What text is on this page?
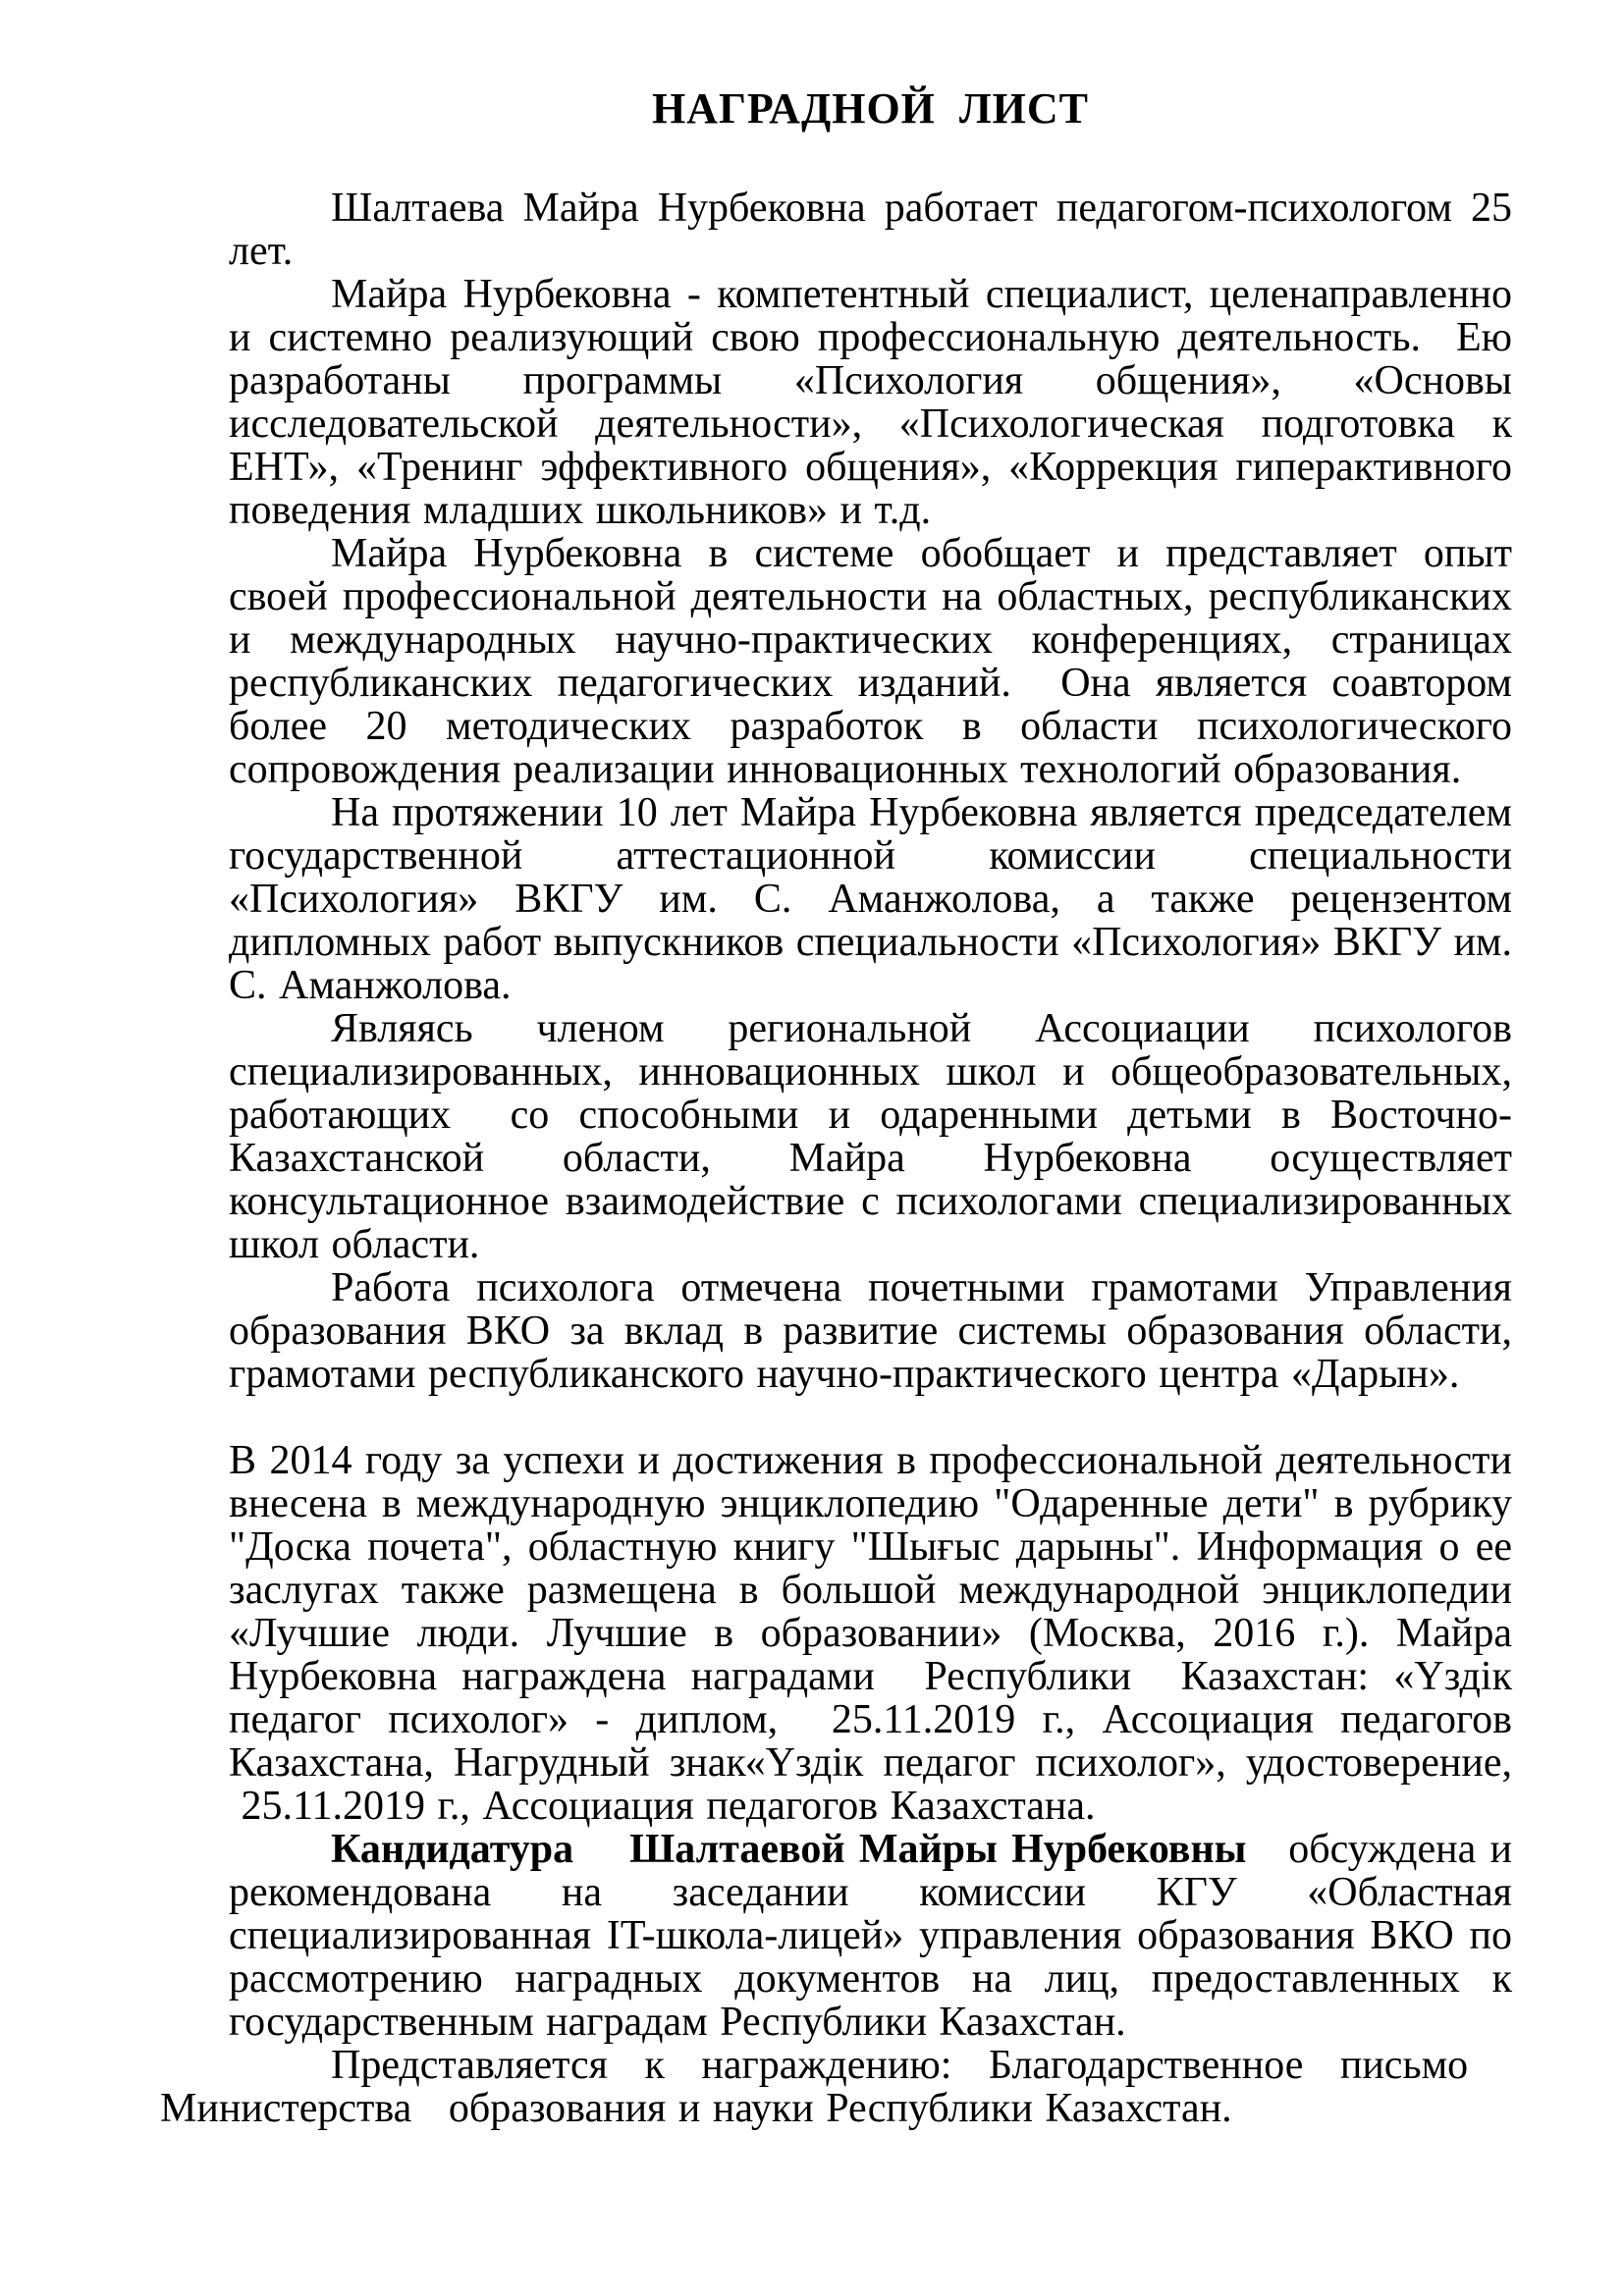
НАГРАДНОЙ  ЛИСТ

Шалтаева Майра Нурбековна работает педагогом-психологом 25 лет.

Майра Нурбековна - компетентный специалист, целенаправленно и системно реализующий свою профессиональную деятельность.  Ею разработаны программы «Психология общения», «Основы исследовательской деятельности», «Психологическая подготовка к ЕНТ», «Тренинг эффективного общения», «Коррекция гиперактивного поведения младших школьников» и т.д.

Майра Нурбековна в системе обобщает и представляет опыт своей профессиональной деятельности на областных, республиканских и международных научно-практических конференциях, страницах республиканских педагогических изданий.  Она является соавтором более 20 методических разработок в области психологического сопровождения реализации инновационных технологий образования.

На протяжении 10 лет Майра Нурбековна является председателем государственной аттестационной комиссии специальности «Психология» ВКГУ им. С. Аманжолова, а также рецензентом дипломных работ выпускников специальности «Психология» ВКГУ им. С. Аманжолова.

Являясь членом региональной Ассоциации психологов специализированных, инновационных школ и общеобразовательных, работающих  со способными и одаренными детьми в Восточно-Казахстанской области, Майра Нурбековна осуществляет консультационное взаимодействие с психологами специализированных школ области.

Работа психолога отмечена почетными грамотами Управления образования ВКО за вклад в развитие системы образования области, грамотами республиканского научно-практического центра «Дарын».

В 2014 году за успехи и достижения в профессиональной деятельности внесена в международную энциклопедию "Одаренные дети" в рубрику "Доска почета", областную книгу "Шығыс дарыны". Информация о ее заслугах также размещена в большой международной энциклопедии «Лучшие люди. Лучшие в образовании» (Москва, 2016 г.). Майра Нурбековна награждена наградами  Республики  Казахстан: «Үздік педагог психолог» - диплом,  25.11.2019 г., Ассоциация педагогов Казахстана, Нагрудный знак«Үздік педагог психолог», удостоверение,  25.11.2019 г., Ассоциация педагогов Казахстана.

Кандидатура    Шалтаевой Майры Нурбековны   обсуждена и рекомендована на заседании комиссии КГУ «Областная специализированная IT-школа-лицей» управления образования ВКО по рассмотрению наградных документов на лиц, предоставленных к государственным наградам Республики Казахстан.

Представляется   к   награждению:   Благодарственное   письмо
Министерства   образования и науки Республики Казахстан.
